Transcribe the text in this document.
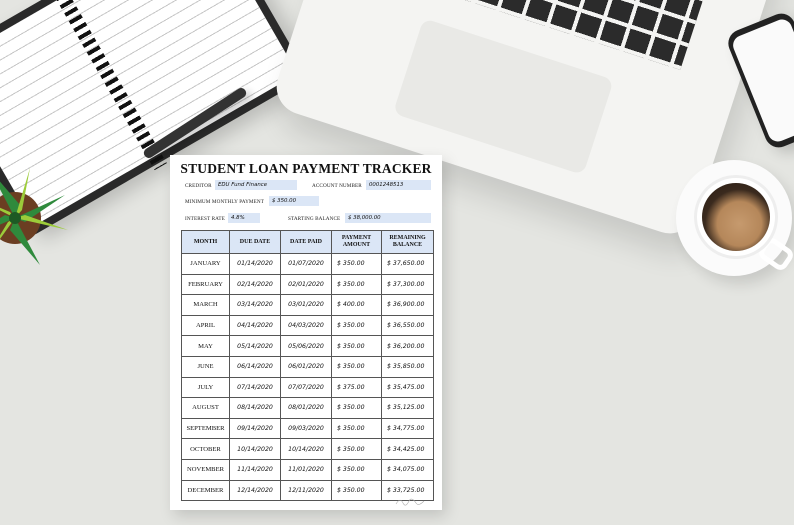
STUDENT LOAN PAYMENT TRACKER
CREDITOR	EDU Fund Finance	ACCOUNT NUMBER	0001248513
MINIMUM MONTHLY PAYMENT	$ 350.00
INTEREST RATE	4.8%	STARTING BALANCE	$ 38,000.00
MONTH	DUE DATE	DATE PAID	PAYMENT AMOUNT	REMAINING BALANCE
JANUARY	01/14/2020	01/07/2020	$ 350.00	$ 37,650.00
FEBRUARY	02/14/2020	02/01/2020	$ 350.00	$ 37,300.00
MARCH	03/14/2020	03/01/2020	$ 400.00	$ 36,900.00
APRIL	04/14/2020	04/03/2020	$ 350.00	$ 36,550.00
MAY	05/14/2020	05/06/2020	$ 350.00	$ 36,200.00
JUNE	06/14/2020	06/01/2020	$ 350.00	$ 35,850.00
JULY	07/14/2020	07/07/2020	$ 375.00	$ 35,475.00
AUGUST	08/14/2020	08/01/2020	$ 350.00	$ 35,125.00
SEPTEMBER	09/14/2020	09/03/2020	$ 350.00	$ 34,775.00
OCTOBER	10/14/2020	10/14/2020	$ 350.00	$ 34,425.00
NOVEMBER	11/14/2020	11/01/2020	$ 350.00	$ 34,075.00
DECEMBER	12/14/2020	12/11/2020	$ 350.00	$ 33,725.00
